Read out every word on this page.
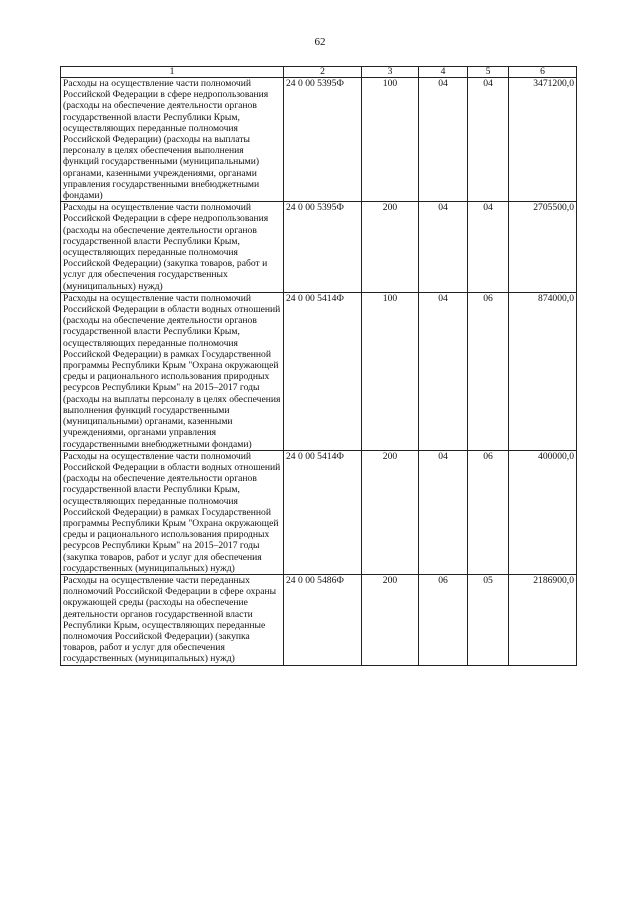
62
1	2	3	4	5	6
Расходы на осуществление части полномочий Российской Федерации в сфере недропользования (расходы на обеспечение деятельности органов государственной власти Республики Крым, осуществляющих переданные полномочия Российской Федерации) (расходы на выплаты персоналу в целях обеспечения выполнения функций государственными (муниципальными) органами, казенными учреждениями, органами управления государственными внебюджетными фондами)	24 0 00 5395Ф	100	04	04	3471200,0
Расходы на осуществление части полномочий Российской Федерации в сфере недропользования (расходы на обеспечение деятельности органов государственной власти Республики Крым, осуществляющих переданные полномочия Российской Федерации) (закупка товаров, работ и услуг для обеспечения государственных (муниципальных) нужд)	24 0 00 5395Ф	200	04	04	2705500,0
Расходы на осуществление части полномочий Российской Федерации в области водных отношений (расходы на обеспечение деятельности органов государственной власти Республики Крым, осуществляющих переданные полномочия Российской Федерации) в рамках Государственной программы Республики Крым "Охрана окружающей среды и рационального использования природных ресурсов Республики Крым" на 2015–2017 годы (расходы на выплаты персоналу в целях обеспечения выполнения функций государственными (муниципальными) органами, казенными учреждениями, органами управления государственными внебюджетными фондами)	24 0 00 5414Ф	100	04	06	874000,0
Расходы на осуществление части полномочий Российской Федерации в области водных отношений (расходы на обеспечение деятельности органов государственной власти Республики Крым, осуществляющих переданные полномочия Российской Федерации) в рамках Государственной программы Республики Крым "Охрана окружающей среды и рационального использования природных ресурсов Республики Крым" на 2015–2017 годы (закупка товаров, работ и услуг для обеспечения государственных (муниципальных) нужд)	24 0 00 5414Ф	200	04	06	400000,0
Расходы на осуществление части переданных полномочий Российской Федерации в сфере охраны окружающей среды (расходы на обеспечение деятельности органов государственной власти Республики Крым, осуществляющих переданные полномочия Российской Федерации) (закупка товаров, работ и услуг для обеспечения государственных (муниципальных) нужд)	24 0 00 5486Ф	200	06	05	2186900,0
